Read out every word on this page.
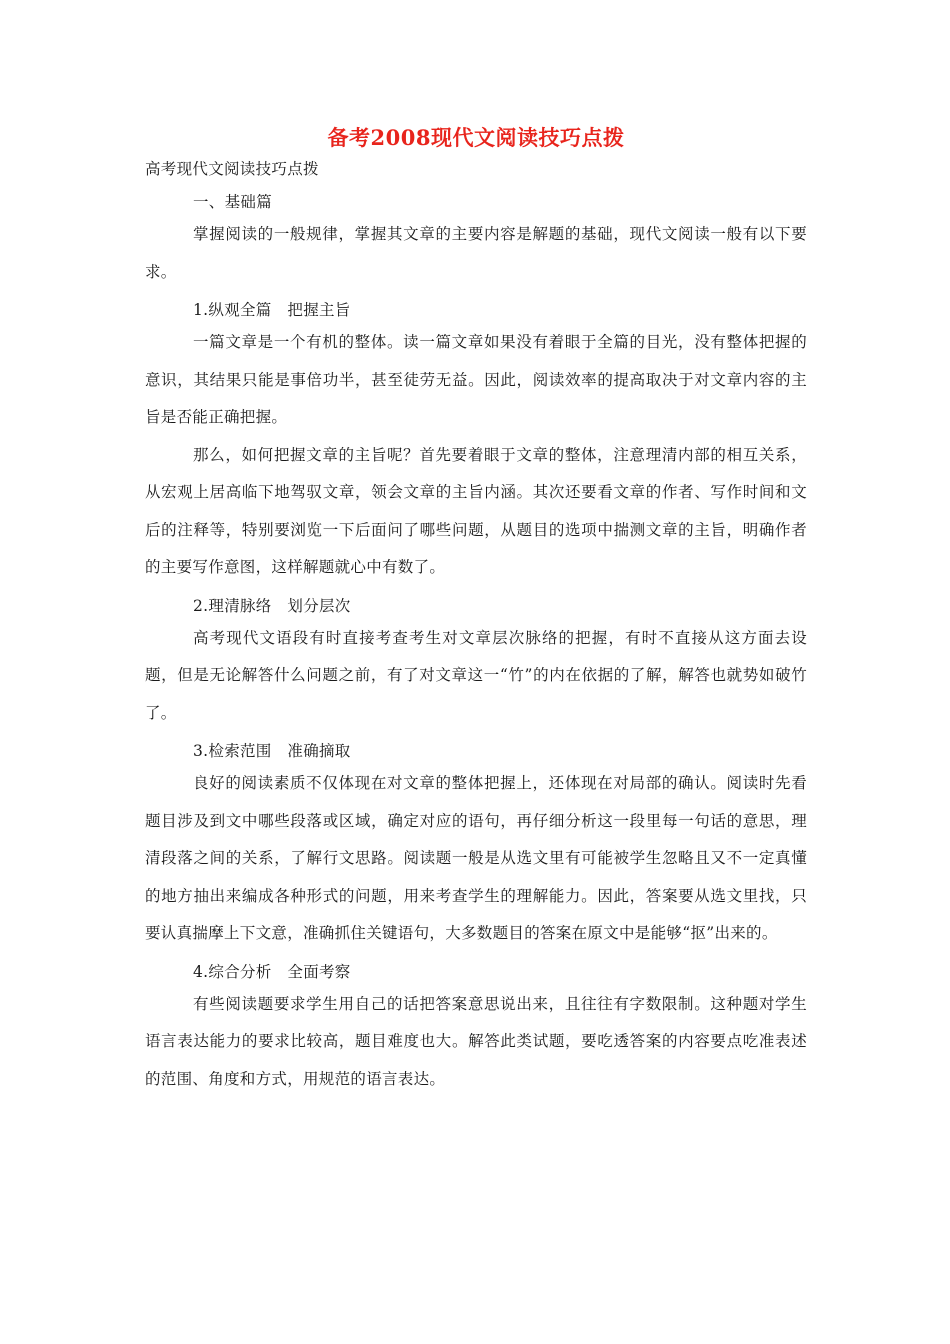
备考2008现代文阅读技巧点拨
高考现代文阅读技巧点拨
一、基础篇

掌握阅读的一般规律，掌握其文章的主要内容是解题的基础，现代文阅读一般有以下要求。

1.纵观全篇　把握主旨

一篇文章是一个有机的整体。读一篇文章如果没有着眼于全篇的目光，没有整体把握的意识，其结果只能是事倍功半，甚至徒劳无益。因此，阅读效率的提高取决于对文章内容的主旨是否能正确把握。

那么，如何把握文章的主旨呢？首先要着眼于文章的整体，注意理清内部的相互关系，从宏观上居高临下地驾驭文章，领会文章的主旨内涵。其次还要看文章的作者、写作时间和文后的注释等，特别要浏览一下后面问了哪些问题，从题目的选项中揣测文章的主旨，明确作者的主要写作意图，这样解题就心中有数了。

2.理清脉络　划分层次

高考现代文语段有时直接考查考生对文章层次脉络的把握，有时不直接从这方面去设题，但是无论解答什么问题之前，有了对文章这一“竹”的内在依据的了解，解答也就势如破竹了。

3.检索范围　准确摘取

良好的阅读素质不仅体现在对文章的整体把握上，还体现在对局部的确认。阅读时先看题目涉及到文中哪些段落或区域，确定对应的语句，再仔细分析这一段里每一句话的意思，理清段落之间的关系，了解行文思路。阅读题一般是从选文里有可能被学生忽略且又不一定真懂的地方抽出来编成各种形式的问题，用来考查学生的理解能力。因此，答案要从选文里找，只要认真揣摩上下文意，准确抓住关键语句，大多数题目的答案在原文中是能够“抠”出来的。

4.综合分析　全面考察

有些阅读题要求学生用自己的话把答案意思说出来，且往往有字数限制。这种题对学生语言表达能力的要求比较高，题目难度也大。解答此类试题，要吃透答案的内容要点吃准表述的范围、角度和方式，用规范的语言表达。
